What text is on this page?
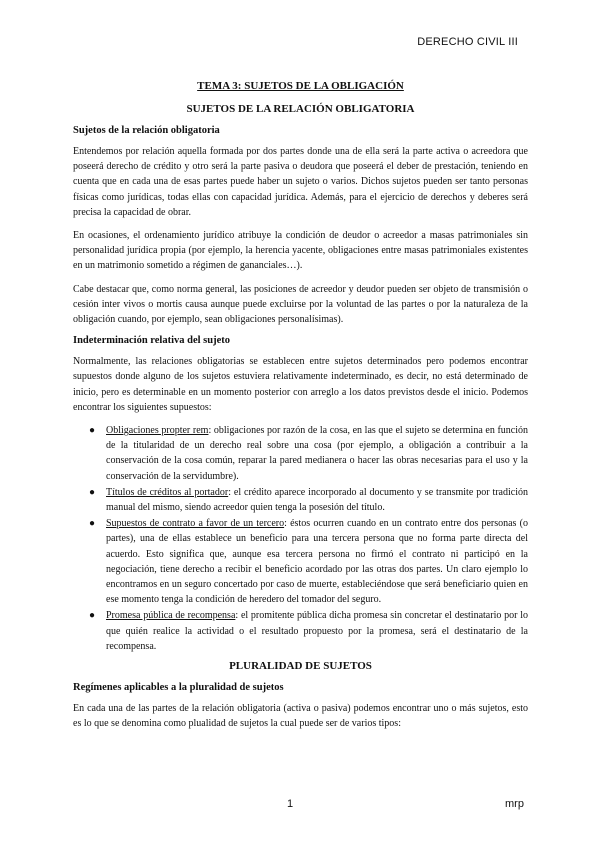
DERECHO CIVIL III
TEMA 3: SUJETOS DE LA OBLIGACIÓN
SUJETOS DE LA RELACIÓN OBLIGATORIA
Sujetos de la relación obligatoria

Entendemos por relación aquella formada por dos partes donde una de ella será la parte activa o acreedora que poseerá derecho de crédito y otro será la parte pasiva o deudora que poseerá el deber de prestación, teniendo en cuenta que en cada una de esas partes puede haber un sujeto o varios. Dichos sujetos pueden ser tanto personas físicas como jurídicas, todas ellas con capacidad jurídica. Además, para el ejercicio de derechos y deberes será precisa la capacidad de obrar.

En ocasiones, el ordenamiento jurídico atribuye la condición de deudor o acreedor a masas patrimoniales sin personalidad jurídica propia (por ejemplo, la herencia yacente, obligaciones entre masas patrimoniales existentes en un matrimonio sometido a régimen de gananciales…).

Cabe destacar que, como norma general, las posiciones de acreedor y deudor pueden ser objeto de transmisión o cesión inter vivos o mortis causa aunque puede excluirse por la voluntad de las partes o por la naturaleza de la obligación cuando, por ejemplo, sean obligaciones personalísimas).

Indeterminación relativa del sujeto

Normalmente, las relaciones obligatorias se establecen entre sujetos determinados pero podemos encontrar supuestos donde alguno de los sujetos estuviera relativamente indeterminado, es decir, no está determinado de inicio, pero es determinable en un momento posterior con arreglo a los datos previstos desde el inicio. Podemos encontrar los siguientes supuestos:

● Obligaciones propter rem: obligaciones por razón de la cosa, en las que el sujeto se determina en función de la titularidad de un derecho real sobre una cosa (por ejemplo, a obligación a contribuir a la conservación de la cosa común, reparar la pared medianera o hacer las obras necesarias para el uso y la conservación de la servidumbre).
● Títulos de créditos al portador: el crédito aparece incorporado al documento y se transmite por tradición manual del mismo, siendo acreedor quien tenga la posesión del título.
● Supuestos de contrato a favor de un tercero: éstos ocurren cuando en un contrato entre dos personas (o partes), una de ellas establece un beneficio para una tercera persona que no forma parte directa del acuerdo. Esto significa que, aunque esa tercera persona no firmó el contrato ni participó en la negociación, tiene derecho a recibir el beneficio acordado por las otras dos partes. Un claro ejemplo lo encontramos en un seguro concertado por caso de muerte, estableciéndose que será beneficiario quien en ese momento tenga la condición de heredero del tomador del seguro.
● Promesa pública de recompensa: el promitente pública dicha promesa sin concretar el destinatario por lo que quién realice la actividad o el resultado propuesto por la promesa, será el destinatario de la recompensa.
PLURALIDAD DE SUJETOS
Regímenes aplicables a la pluralidad de sujetos

En cada una de las partes de la relación obligatoria (activa o pasiva) podemos encontrar uno o más sujetos, esto es lo que se denomina como plualidad de sujetos la cual puede ser de varios tipos:

1	mrp
